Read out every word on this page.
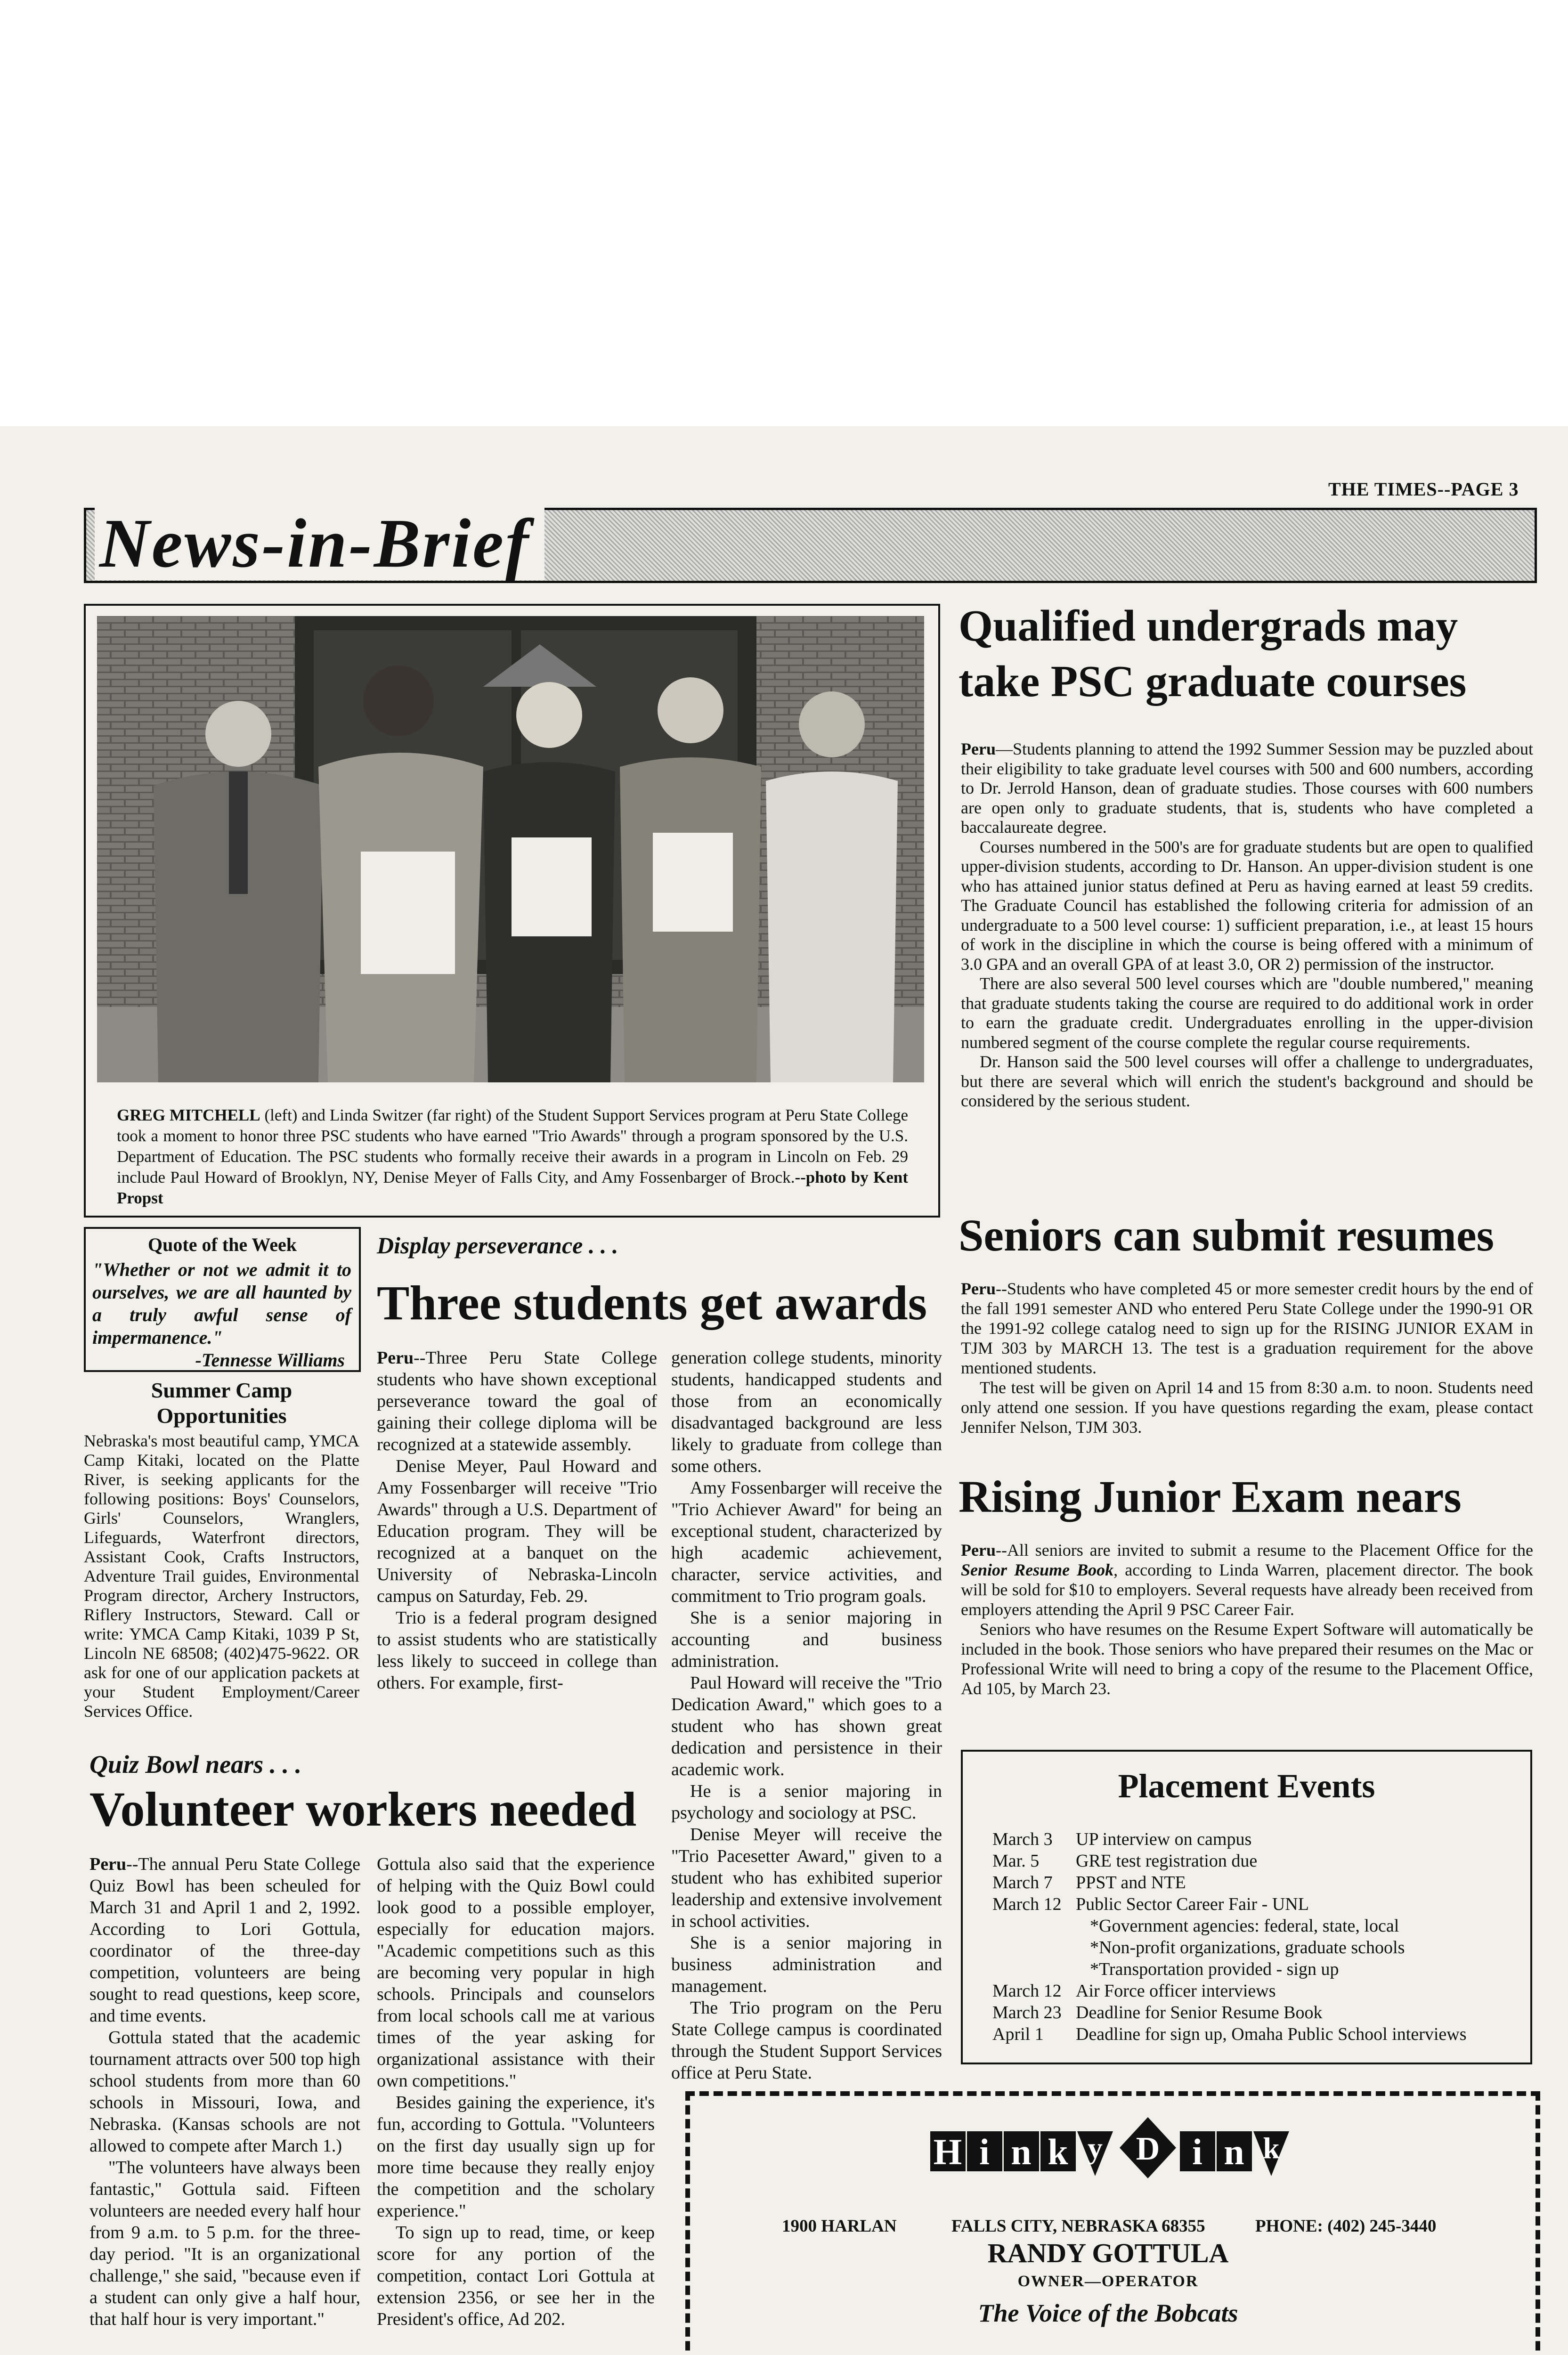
THE TIMES--PAGE 3
News-in-Brief
GREG MITCHELL (left) and Linda Switzer (far right) of the Student Support Services program at Peru State College took a moment to honor three PSC students who have earned "Trio Awards" through a program sponsored by the U.S. Department of Education. The PSC students who formally receive their awards in a program in Lincoln on Feb. 29 include Paul Howard of Brooklyn, NY, Denise Meyer of Falls City, and Amy Fossenbarger of Brock.--photo by Kent Propst
Quote of the Week
"Whether or not we admit it to ourselves, we are all haunted by a truly awful sense of impermanence."
-Tennesse Williams
Summer Camp Opportunities
Nebraska's most beautiful camp, YMCA Camp Kitaki, located on the Platte River, is seeking applicants for the following positions: Boys' Counselors, Girls' Counselors, Wranglers, Lifeguards, Waterfront directors, Assistant Cook, Crafts Instructors, Adventure Trail guides, Environmental Program director, Archery Instructors, Riflery Instructors, Steward. Call or write: YMCA Camp Kitaki, 1039 P St, Lincoln NE 68508; (402)475-9622. OR ask for one of our application packets at your Student Employment/Career Services Office.
Display perseverance . . .
Three students get awards

Peru--Three Peru State College students who have shown exceptional perseverance toward the goal of gaining their college diploma will be recognized at a statewide assembly.

Denise Meyer, Paul Howard and Amy Fossenbarger will receive "Trio Awards" through a U.S. Department of Education program. They will be recognized at a banquet on the University of Nebraska-Lincoln campus on Saturday, Feb. 29.

Trio is a federal program designed to assist students who are statistically less likely to succeed in college than others. For example, first-

generation college students, minority students, handicapped students and those from an economically disadvantaged background are less likely to graduate from college than some others.

Amy Fossenbarger will receive the "Trio Achiever Award" for being an exceptional student, characterized by high academic achievement, character, service activities, and commitment to Trio program goals.

She is a senior majoring in accounting and business administration.

Paul Howard will receive the "Trio Dedication Award," which goes to a student who has shown great dedication and persistence in their academic work.

He is a senior majoring in psychology and sociology at PSC.

Denise Meyer will receive the "Trio Pacesetter Award," given to a student who has exhibited superior leadership and extensive involvement in school activities.

She is a senior majoring in business administration and management.

The Trio program on the Peru State College campus is coordinated through the Student Support Services office at Peru State.

Quiz Bowl nears . . .
Volunteer workers needed

Peru--The annual Peru State College Quiz Bowl has been scheuled for March 31 and April 1 and 2, 1992. According to Lori Gottula, coordinator of the three-day competition, volunteers are being sought to read questions, keep score, and time events.

Gottula stated that the academic tournament attracts over 500 top high school students from more than 60 schools in Missouri, Iowa, and Nebraska. (Kansas schools are not allowed to compete after March 1.)

"The volunteers have always been fantastic," Gottula said. Fifteen volunteers are needed every half hour from 9 a.m. to 5 p.m. for the three-day period. "It is an organizational challenge," she said, "because even if a student can only give a half hour, that half hour is very important."

Gottula also said that the experience of helping with the Quiz Bowl could look good to a possible employer, especially for education majors. "Academic competitions such as this are becoming very popular in high schools. Principals and counselors from local schools call me at various times of the year asking for organizational assistance with their own competitions."

Besides gaining the experience, it's fun, according to Gottula. "Volunteers on the first day usually sign up for more time because they really enjoy the competition and the scholary experience."

To sign up to read, time, or keep score for any portion of the competition, contact Lori Gottula at extension 2356, or see her in the President's office, Ad 202.

Qualified undergrads may take PSC graduate courses

Peru—Students planning to attend the 1992 Summer Session may be puzzled about their eligibility to take graduate level courses with 500 and 600 numbers, according to Dr. Jerrold Hanson, dean of graduate studies. Those courses with 600 numbers are open only to graduate students, that is, students who have completed a baccalaureate degree.

Courses numbered in the 500's are for graduate students but are open to qualified upper-division students, according to Dr. Hanson. An upper-division student is one who has attained junior status defined at Peru as having earned at least 59 credits. The Graduate Council has established the following criteria for admission of an undergraduate to a 500 level course: 1) sufficient preparation, i.e., at least 15 hours of work in the discipline in which the course is being offered with a minimum of 3.0 GPA and an overall GPA of at least 3.0, OR 2) permission of the instructor.

There are also several 500 level courses which are "double numbered," meaning that graduate students taking the course are required to do additional work in order to earn the graduate credit. Undergraduates enrolling in the upper-division numbered segment of the course complete the regular course requirements.

Dr. Hanson said the 500 level courses will offer a challenge to undergraduates, but there are several which will enrich the student's background and should be considered by the serious student.

Seniors can submit resumes

Peru--Students who have completed 45 or more semester credit hours by the end of the fall 1991 semester AND who entered Peru State College under the 1990-91 OR the 1991-92 college catalog need to sign up for the RISING JUNIOR EXAM in TJM 303 by MARCH 13. The test is a graduation requirement for the above mentioned students.

The test will be given on April 14 and 15 from 8:30 a.m. to noon. Students need only attend one session. If you have questions regarding the exam, please contact Jennifer Nelson, TJM 303.

Rising Junior Exam nears

Peru--All seniors are invited to submit a resume to the Placement Office for the Senior Resume Book, according to Linda Warren, placement director. The book will be sold for $10 to employers. Several requests have already been received from employers attending the April 9 PSC Career Fair.

Seniors who have resumes on the Resume Expert Software will automatically be included in the book. Those seniors who have prepared their resumes on the Mac or Professional Write will need to bring a copy of the resume to the Placement Office, Ad 105, by March 23.

Placement Events
March 3 UP interview on campus
Mar. 5 GRE test registration due
March 7 PPST and NTE
March 12 Public Sector Career Fair - UNL
*Government agencies: federal, state, local
*Non-profit organizations, graduate schools
*Transportation provided - sign up
March 12 Air Force officer interviews
March 23 Deadline for Senior Resume Book
April 1 Deadline for sign up, Omaha Public School interviews
H i n k y D i n k
1900 HARLAN	FALLS CITY, NEBRASKA 68355	PHONE: (402) 245-3440
RANDY GOTTULA
OWNER—OPERATOR
The Voice of the Bobcats
